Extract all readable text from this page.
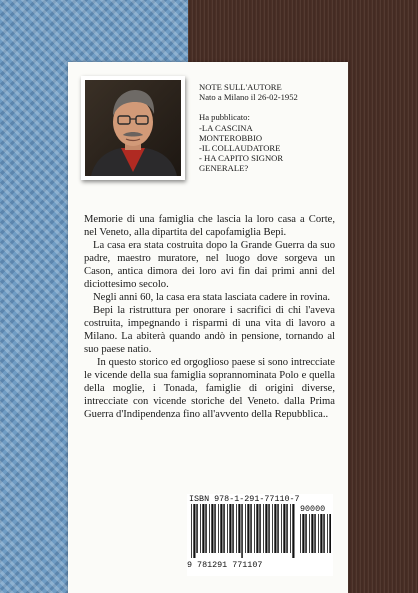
NOTE SULL'AUTORE
Nato a Milano il 26-02-1952
Ha pubblicato:
-LA CASCINA
MONTEROBBIO
-IL COLLAUDATORE
- HA CAPITO SIGNOR
GENERALE?

Memorie di una famiglia che lascia la loro casa a Corte, nel Veneto, alla dipartita del capofamiglia Bepi.

La casa era stata costruita dopo la Grande Guerra da suo padre, maestro muratore, nel luogo dove sorgeva un Cason, antica dimora dei loro avi fin dai primi anni del diciottesimo secolo.

Negli anni 60, la casa era stata lasciata cadere in rovina.

Bepi la ristruttura per onorare i sacrifici di chi l'aveva costruita, impegnando i risparmi di una vita di lavoro a Milano. La abiterà quando andò in pensione, tornando al suo paese natio.

In questo storico ed orgoglioso paese si sono intrecciate le vicende della sua famiglia soprannominata Polo e quella della moglie, i Tonada, famiglie di origini diverse, intrecciate con vicende storiche del Veneto. dalla Prima Guerra d'Indipendenza fino all'avvento della Repubblica..

ISBN 978-1-291-77110-7
9 781291 771107
90000
